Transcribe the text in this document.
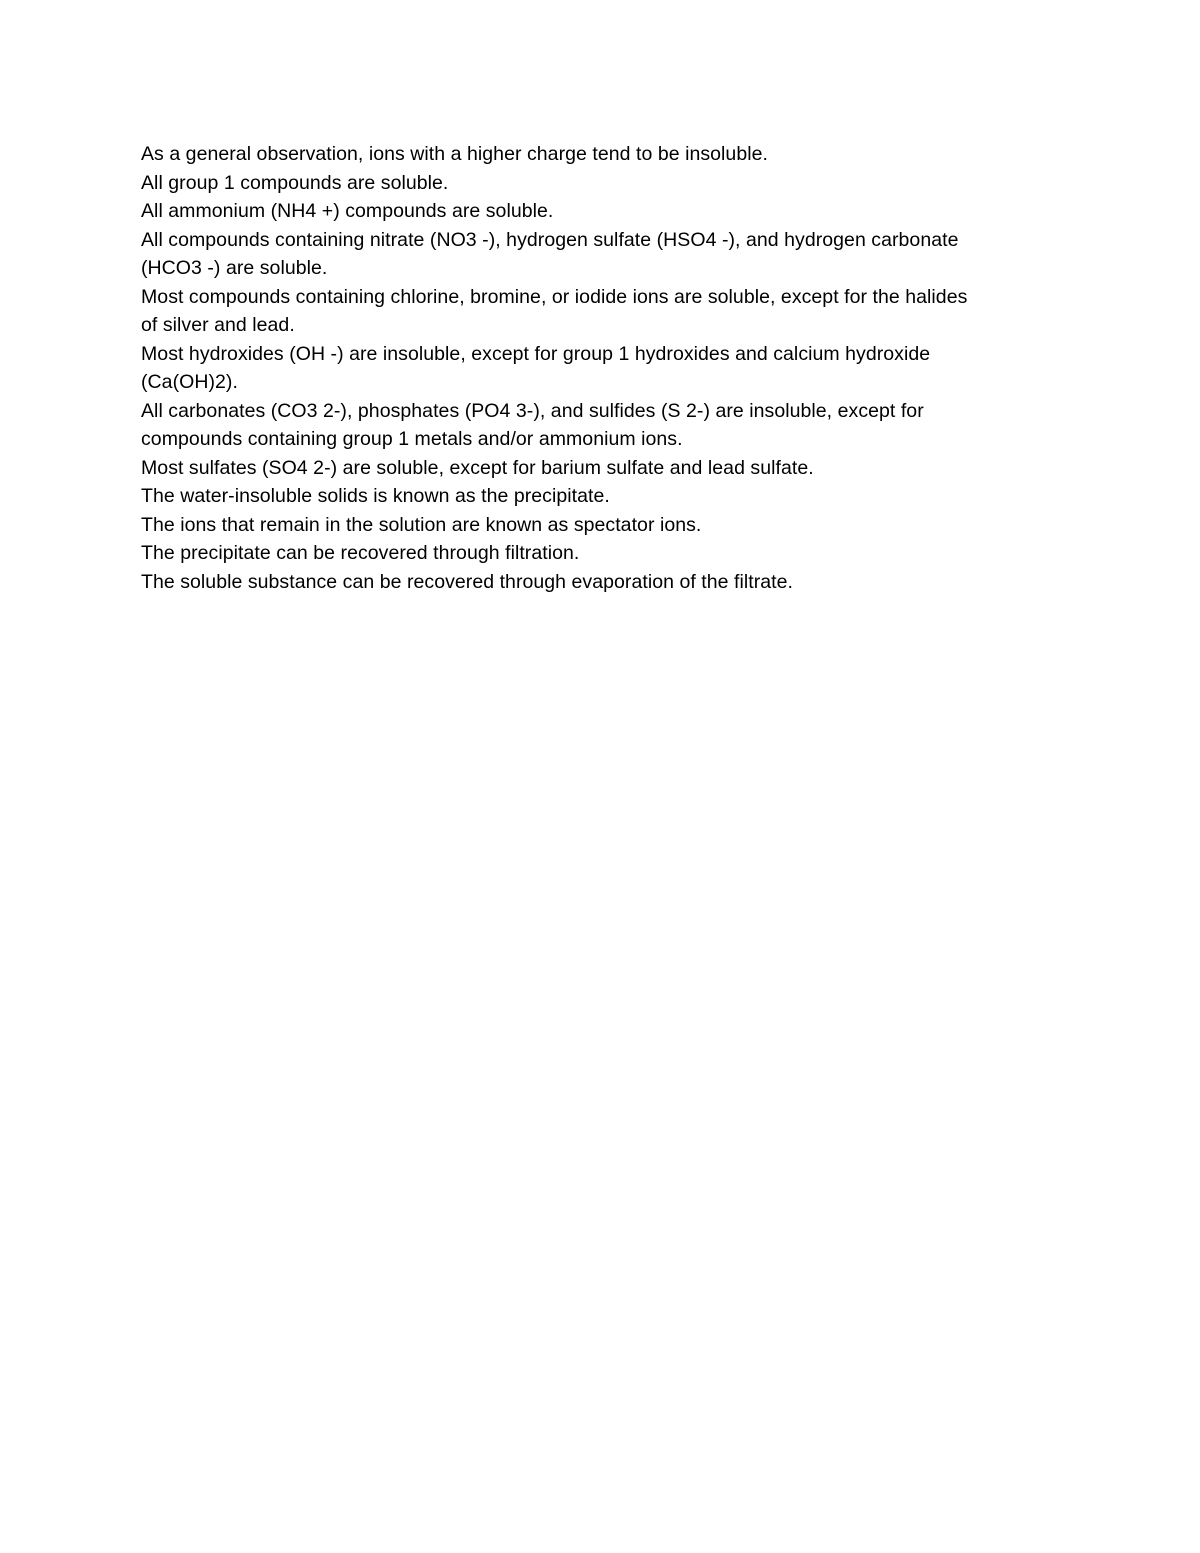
As a general observation, ions with a higher charge tend to be insoluble.

All group 1 compounds are soluble.

All ammonium (NH4 +) compounds are soluble.

All compounds containing nitrate (NO3 -), hydrogen sulfate (HSO4 -), and hydrogen carbonate

(HCO3 -) are soluble.

Most compounds containing chlorine, bromine, or iodide ions are soluble, except for the halides

of silver and lead.

Most hydroxides (OH -) are insoluble, except for group 1 hydroxides and calcium hydroxide

(Ca(OH)2).

All carbonates (CO3 2-), phosphates (PO4 3-), and sulfides (S 2-) are insoluble, except for

compounds containing group 1 metals and/or ammonium ions.

Most sulfates (SO4 2-) are soluble, except for barium sulfate and lead sulfate.

The water-insoluble solids is known as the precipitate.

The ions that remain in the solution are known as spectator ions.

The precipitate can be recovered through filtration.

The soluble substance can be recovered through evaporation of the filtrate.
